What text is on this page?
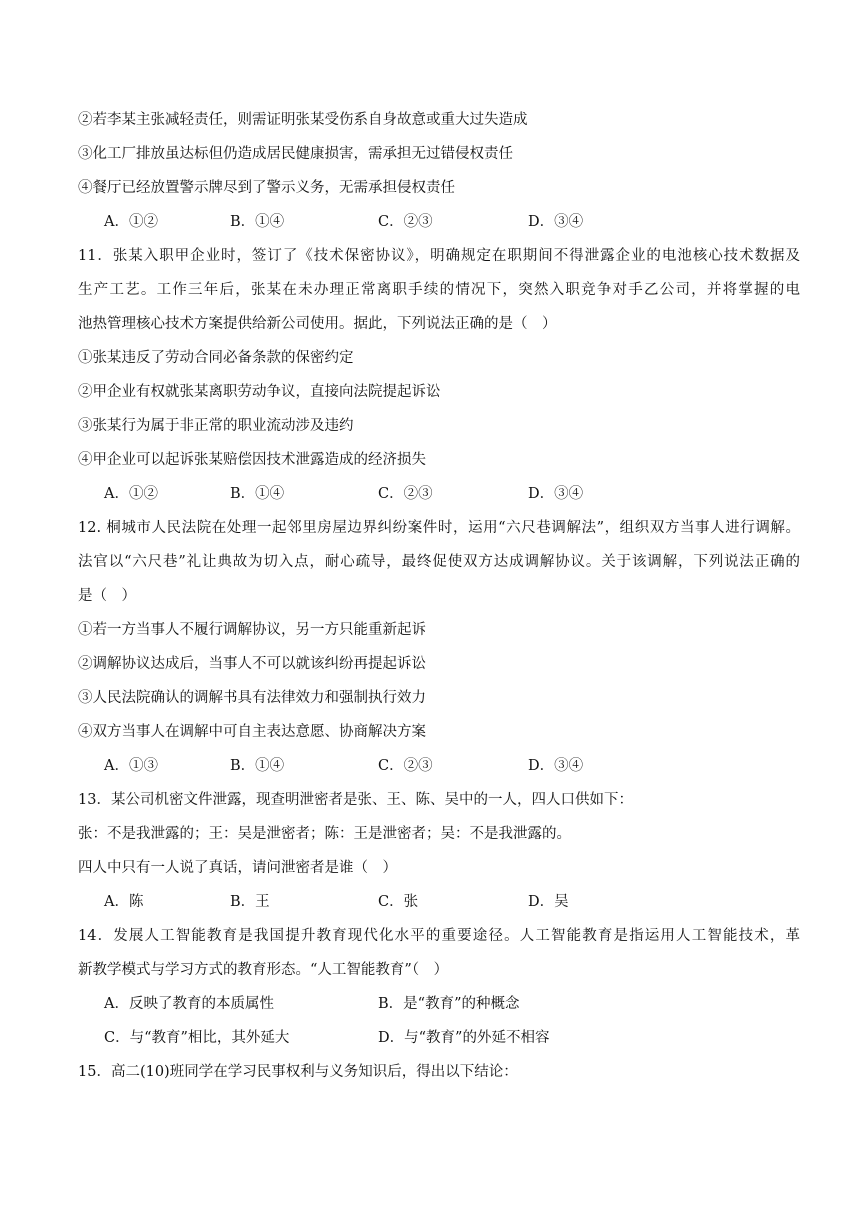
②若李某主张减轻责任，则需证明张某受伤系自身故意或重大过失造成
③化工厂排放虽达标但仍造成居民健康损害，需承担无过错侵权责任
④餐厅已经放置警示牌尽到了警示义务，无需承担侵权责任
A．①②	B．①④	C．②③	D．③④
11．张某入职甲企业时，签订了《技术保密协议》，明确规定在职期间不得泄露企业的电池核心技术数据及
生产工艺。工作三年后，张某在未办理正常离职手续的情况下，突然入职竞争对手乙公司，并将掌握的电
池热管理核心技术方案提供给新公司使用。据此，下列说法正确的是（　）
①张某违反了劳动合同必备条款的保密约定
②甲企业有权就张某离职劳动争议，直接向法院提起诉讼
③张某行为属于非正常的职业流动涉及违约
④甲企业可以起诉张某赔偿因技术泄露造成的经济损失
A．①②	B．①④	C．②③	D．③④
12. 桐城市人民法院在处理一起邻里房屋边界纠纷案件时，运用“六尺巷调解法”，组织双方当事人进行调解。
法官以“六尺巷”礼让典故为切入点，耐心疏导，最终促使双方达成调解协议。关于该调解，下列说法正确的
是（　）
①若一方当事人不履行调解协议，另一方只能重新起诉
②调解协议达成后，当事人不可以就该纠纷再提起诉讼
③人民法院确认的调解书具有法律效力和强制执行效力
④双方当事人在调解中可自主表达意愿、协商解决方案
A．①③	B．①④	C．②③	D．③④
13．某公司机密文件泄露，现查明泄密者是张、王、陈、吴中的一人，四人口供如下：
张：不是我泄露的；王：吴是泄密者；陈：王是泄密者；吴：不是我泄露的。
四人中只有一人说了真话，请问泄密者是谁（　）
A．陈	B．王	C．张	D．吴
14．发展人工智能教育是我国提升教育现代化水平的重要途径。人工智能教育是指运用人工智能技术，革
新教学模式与学习方式的教育形态。“人工智能教育”（　）
A．反映了教育的本质属性	B．是“教育”的种概念
C．与“教育”相比，其外延大	D．与“教育”的外延不相容
15．高二(10)班同学在学习民事权利与义务知识后，得出以下结论：
